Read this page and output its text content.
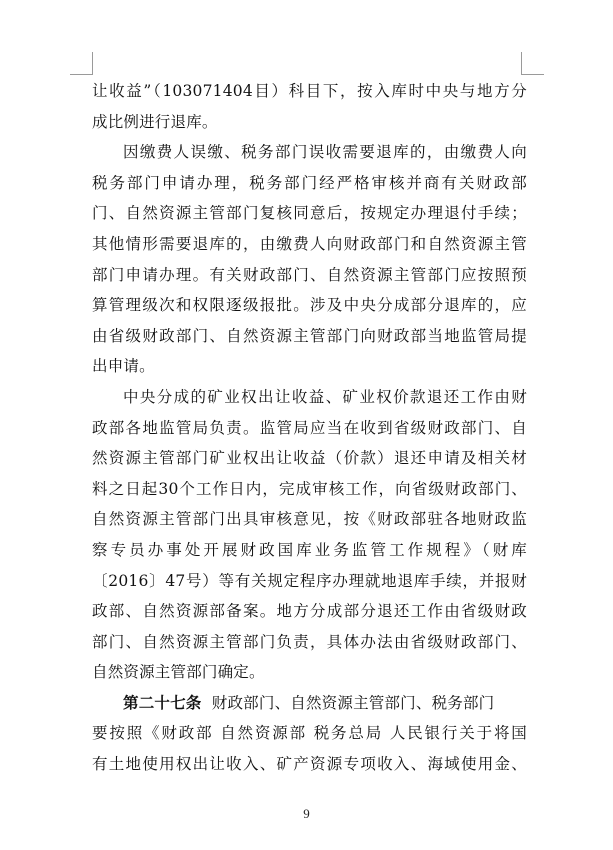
让收益”（103071404目）科目下，按入库时中央与地方分
成比例进行退库。
因缴费人误缴、税务部门误收需要退库的，由缴费人向
税务部门申请办理，税务部门经严格审核并商有关财政部
门、自然资源主管部门复核同意后，按规定办理退付手续；
其他情形需要退库的，由缴费人向财政部门和自然资源主管
部门申请办理。有关财政部门、自然资源主管部门应按照预
算管理级次和权限逐级报批。涉及中央分成部分退库的，应
由省级财政部门、自然资源主管部门向财政部当地监管局提
出申请。
中央分成的矿业权出让收益、矿业权价款退还工作由财
政部各地监管局负责。监管局应当在收到省级财政部门、自
然资源主管部门矿业权出让收益（价款）退还申请及相关材
料之日起30个工作日内，完成审核工作，向省级财政部门、
自然资源主管部门出具审核意见，按《财政部驻各地财政监
察专员办事处开展财政国库业务监管工作规程》（财库
〔2016〕47号）等有关规定程序办理就地退库手续，并报财
政部、自然资源部备案。地方分成部分退还工作由省级财政
部门、自然资源主管部门负责，具体办法由省级财政部门、
自然资源主管部门确定。
第二十七条 财政部门、自然资源主管部门、税务部门
要按照《财政部 自然资源部 税务总局 人民银行关于将国
有土地使用权出让收入、矿产资源专项收入、海域使用金、
9
